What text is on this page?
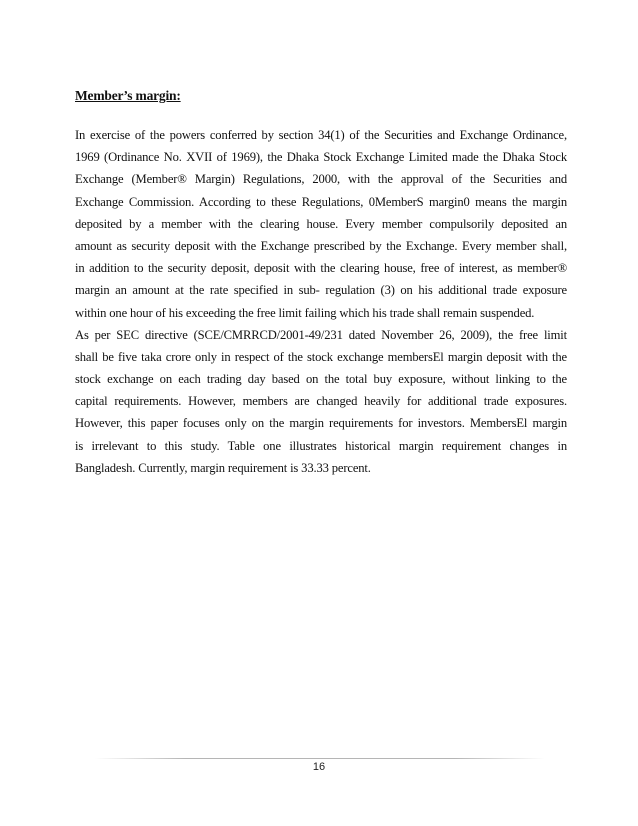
Member’s margin:
In exercise of the powers conferred by section 34(1) of the Securities and Exchange Ordinance,
1969 (Ordinance No. XVII of 1969), the Dhaka Stock Exchange Limited made the Dhaka Stock
Exchange (Member® Margin) Regulations, 2000, with the approval of the Securities and
Exchange Commission. According to these Regulations, 0MemberS margin0 means the margin
deposited by a member with the clearing house. Every member compulsorily deposited an
amount as security deposit with the Exchange prescribed by the Exchange. Every member shall,
in addition to the security deposit, deposit with the clearing house, free of interest, as member®
margin an amount at the rate specified in sub- regulation (3) on his additional trade exposure
within one hour of his exceeding the free limit failing which his trade shall remain suspended.
As per SEC directive (SCE/CMRRCD/2001-49/231 dated November 26, 2009), the free limit
shall be five taka crore only in respect of the stock exchange membersEl margin deposit with the
stock exchange on each trading day based on the total buy exposure, without linking to the
capital requirements. However, members are changed heavily for additional trade exposures.
However, this paper focuses only on the margin requirements for investors. MembersEl margin
is irrelevant to this study. Table one illustrates historical margin requirement changes in
Bangladesh. Currently, margin requirement is 33.33 percent.
16
